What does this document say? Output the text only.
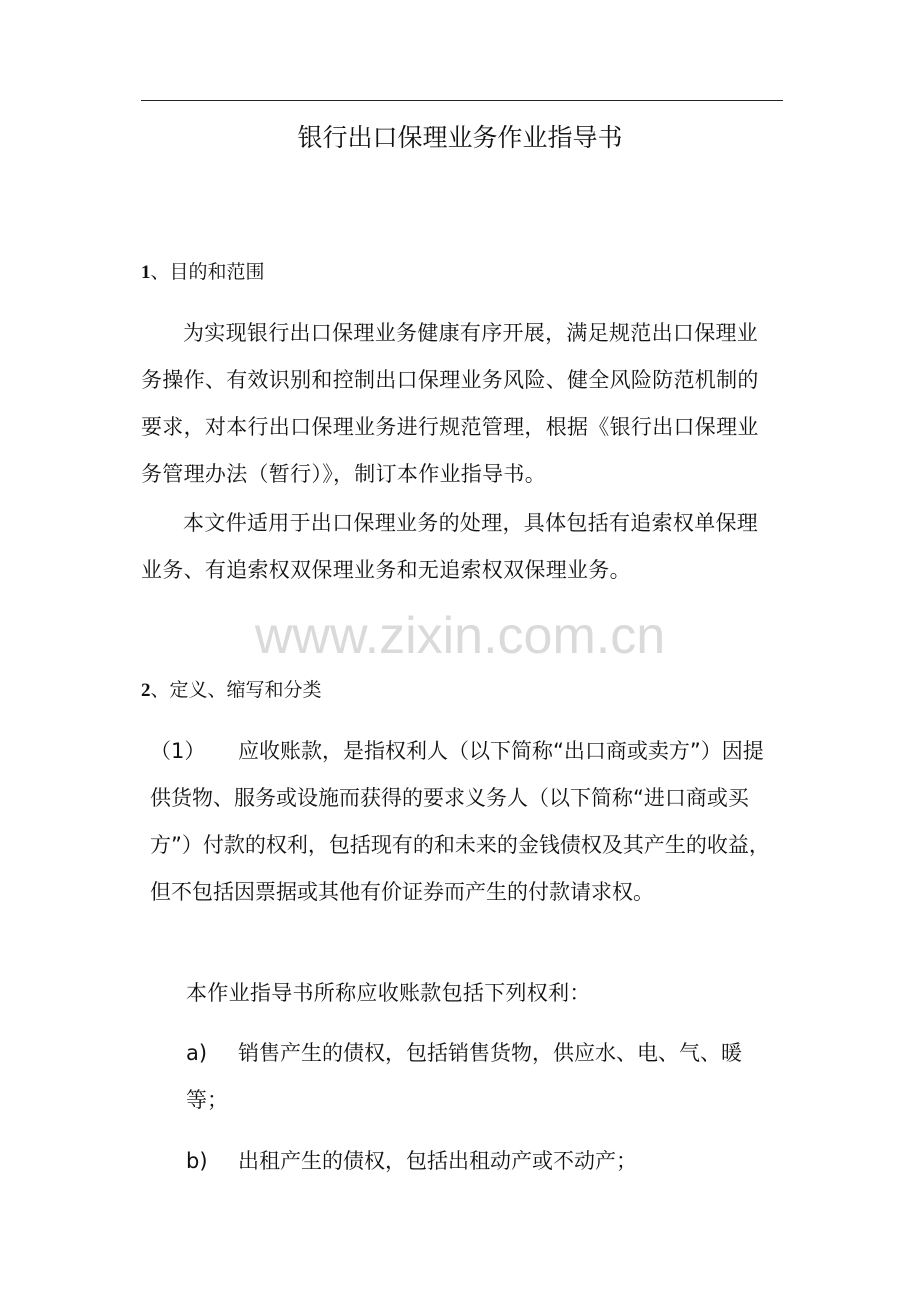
银行出口保理业务作业指导书
1、目的和范围
为实现银行出口保理业务健康有序开展，满足规范出口保理业务操作、有效识别和控制出口保理业务风险、健全风险防范机制的要求，对本行出口保理业务进行规范管理，根据《银行出口保理业务管理办法（暂行）》，制订本作业指导书。
本文件适用于出口保理业务的处理，具体包括有追索权单保理业务、有追索权双保理业务和无追索权双保理业务。
www.zixin.com.cn
2、定义、缩写和分类
（1）	应收账款，是指权利人（以下简称“出口商或卖方”）因提供货物、服务或设施而获得的要求义务人（以下简称“进口商或买方”）付款的权利，包括现有的和未来的金钱债权及其产生的收益，但不包括因票据或其他有价证券而产生的付款请求权。
本作业指导书所称应收账款包括下列权利：
a)	销售产生的债权，包括销售货物，供应水、电、气、暖等；
b) 出租产生的债权，包括出租动产或不动产；
